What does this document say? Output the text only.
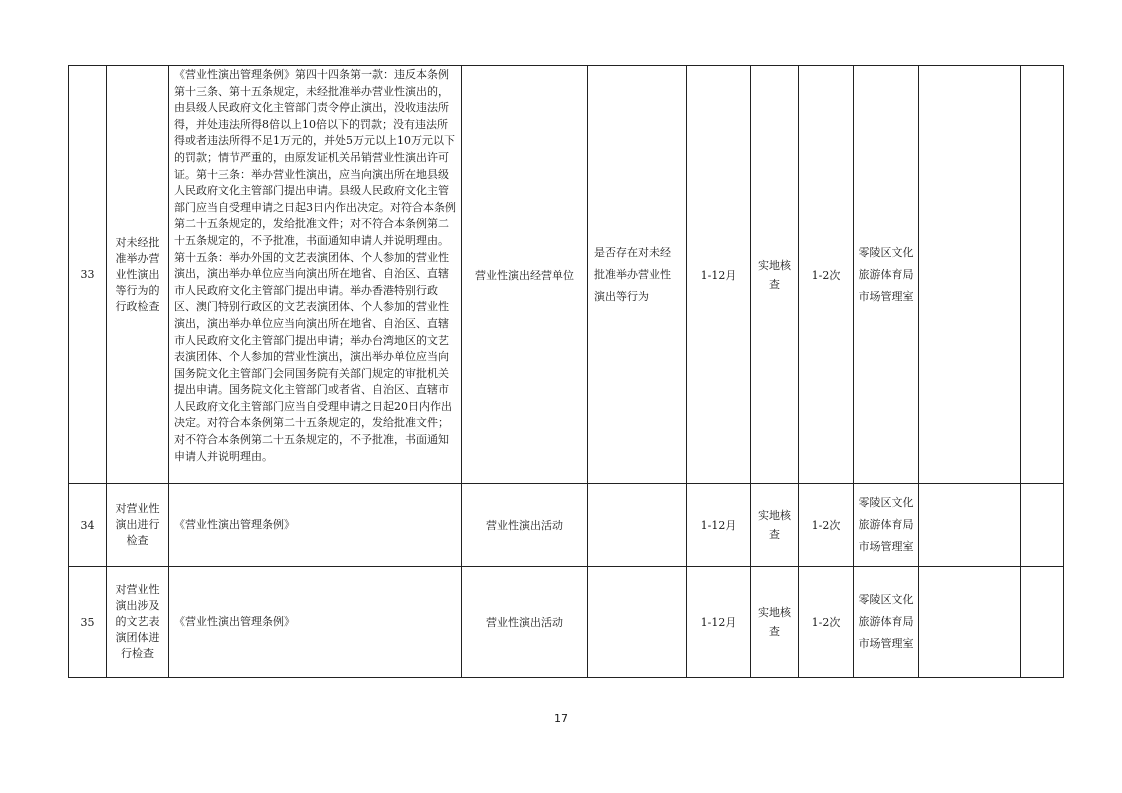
33	对未经批准举办营业性演出等行为的行政检查	《营业性演出管理条例》第四十四条第一款：违反本条例第十三条、第十五条规定，未经批准举办营业性演出的，由县级人民政府文化主管部门责令停止演出，没收违法所得，并处违法所得8倍以上10倍以下的罚款；没有违法所得或者违法所得不足1万元的，并处5万元以上10万元以下的罚款；情节严重的，由原发证机关吊销营业性演出许可证。第十三条：举办营业性演出，应当向演出所在地县级人民政府文化主管部门提出申请。县级人民政府文化主管部门应当自受理申请之日起3日内作出决定。对符合本条例第二十五条规定的，发给批准文件；对不符合本条例第二十五条规定的，不予批准，书面通知申请人并说明理由。第十五条：举办外国的文艺表演团体、个人参加的营业性演出，演出举办单位应当向演出所在地省、自治区、直辖市人民政府文化主管部门提出申请。举办香港特别行政区、澳门特别行政区的文艺表演团体、个人参加的营业性演出，演出举办单位应当向演出所在地省、自治区、直辖市人民政府文化主管部门提出申请；举办台湾地区的文艺表演团体、个人参加的营业性演出，演出举办单位应当向国务院文化主管部门会同国务院有关部门规定的审批机关提出申请。国务院文化主管部门或者省、自治区、直辖市人民政府文化主管部门应当自受理申请之日起20日内作出决定。对符合本条例第二十五条规定的，发给批准文件；对不符合本条例第二十五条规定的，不予批准，书面通知申请人并说明理由。	营业性演出经营单位	是否存在对未经批准举办营业性演出等行为	1-12月	实地核查	1-2次	零陵区文化旅游体育局市场管理室		
34	对营业性演出进行检查	《营业性演出管理条例》	营业性演出活动		1-12月	实地核查	1-2次	零陵区文化旅游体育局市场管理室		
35	对营业性演出涉及的文艺表演团体进行检查	《营业性演出管理条例》	营业性演出活动		1-12月	实地核查	1-2次	零陵区文化旅游体育局市场管理室		
17
